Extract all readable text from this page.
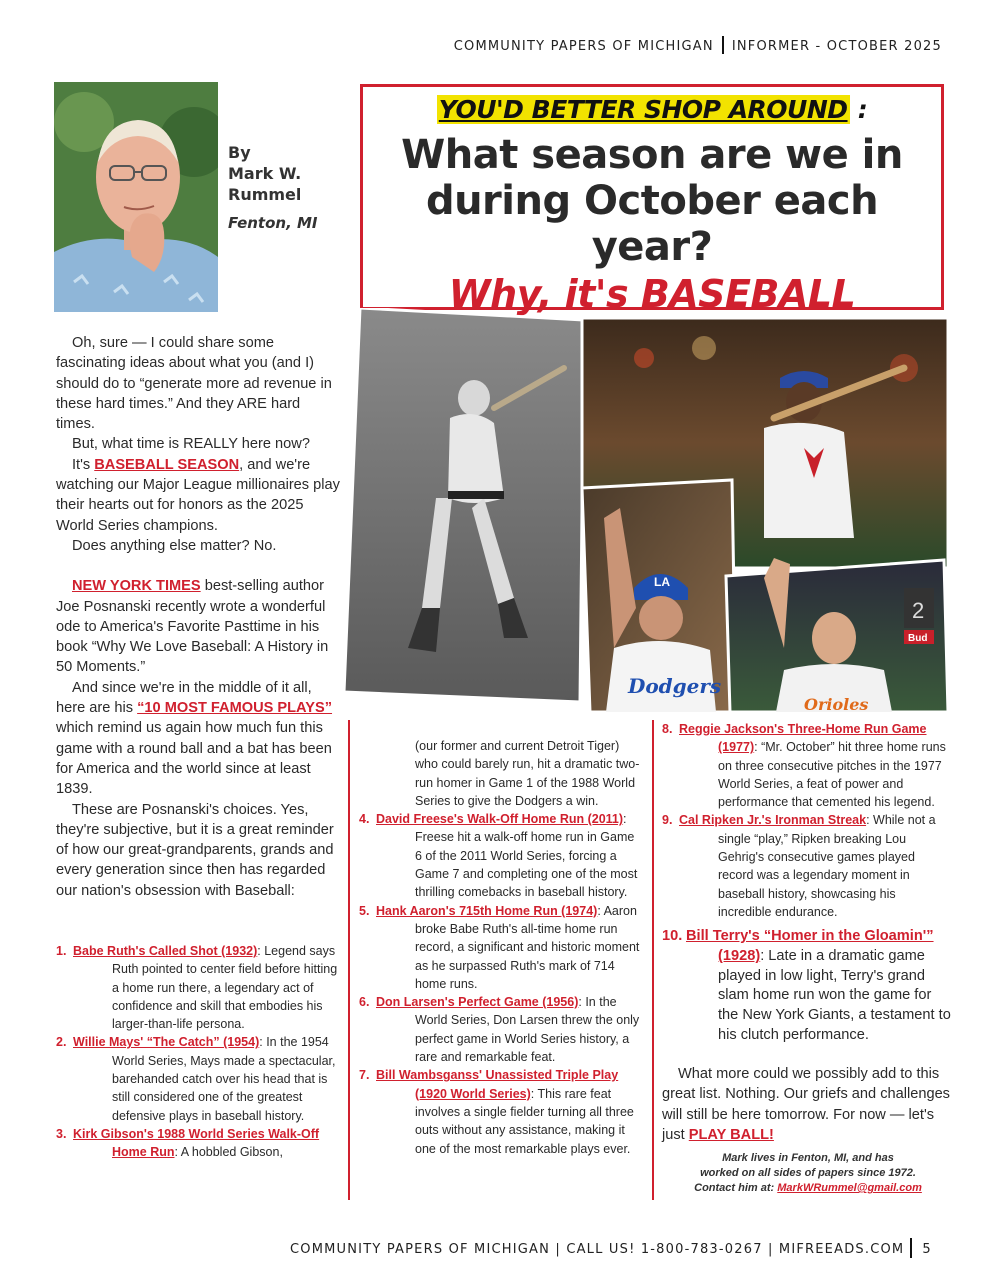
COMMUNITY PAPERS OF MICHIGAN INFORMER - OCTOBER 2025
By
Mark W.
Rummel
Fenton, MI
YOU'D BETTER SHOP AROUND :
What season are we in
during October each year?
Why, it's BASEBALL
LA
Dodgers
2
Bud
Orioles

Oh, sure — I could share some fascinating ideas about what you (and I) should do to “generate more ad revenue in these hard times.” And they ARE hard times.

But, what time is REALLY here now?

It's BASEBALL SEASON, and we're watching our Major League millionaires play their hearts out for honors as the 2025 World Series champions.

Does anything else matter? No.

NEW YORK TIMES best-selling author Joe Posnanski recently wrote a wonderful ode to America's Favorite Pasttime in his book “Why We Love Baseball: A History in 50 Moments.”

And since we're in the middle of it all, here are his “10 MOST FAMOUS PLAYS” which remind us again how much fun this game with a round ball and a bat has been for America and the world since at least 1839.

These are Posnanski's choices. Yes, they're subjective, but it is a great reminder of how our great-grandparents, grands and every generation since then has regarded our nation's obsession with Baseball:

1. Babe Ruth's Called Shot (1932): Legend says Ruth pointed to center field before hitting a home run there, a legendary act of confidence and skill that embodies his larger-than-life persona.
2. Willie Mays' “The Catch” (1954): In the 1954 World Series, Mays made a spectacular, barehanded catch over his head that is still considered one of the greatest defensive plays in baseball history.
3. Kirk Gibson's 1988 World Series Walk-Off Home Run: A hobbled Gibson,
(our former and current Detroit Tiger) who could barely run, hit a dramatic two-run homer in Game 1 of the 1988 World Series to give the Dodgers a win.
4. David Freese's Walk-Off Home Run (2011): Freese hit a walk-off home run in Game 6 of the 2011 World Series, forcing a Game 7 and completing one of the most thrilling comebacks in baseball history.
5. Hank Aaron's 715th Home Run (1974): Aaron broke Babe Ruth's all-time home run record, a significant and historic moment as he surpassed Ruth's mark of 714 home runs.
6. Don Larsen's Perfect Game (1956): In the World Series, Don Larsen threw the only perfect game in World Series history, a rare and remarkable feat.
7. Bill Wambsganss' Unassisted Triple Play (1920 World Series): This rare feat involves a single fielder turning all three outs without any assistance, making it one of the most remarkable plays ever.
8. Reggie Jackson's Three-Home Run Game (1977): “Mr. October” hit three home runs on three consecutive pitches in the 1977 World Series, a feat of power and performance that cemented his legend.
9. Cal Ripken Jr.'s Ironman Streak: While not a single “play,” Ripken breaking Lou Gehrig's consecutive games played record was a legendary moment in baseball history, showcasing his incredible endurance.
10. Bill Terry's “Homer in the Gloamin'” (1928): Late in a dramatic game played in low light, Terry's grand slam home run won the game for the New York Giants, a testament to his clutch performance.

What more could we possibly add to this great list. Nothing. Our griefs and challenges will still be here tomorrow. For now — let's just PLAY BALL!

Mark lives in Fenton, MI, and has
worked on all sides of papers since 1972.
Contact him at: MarkWRummel@gmail.com
COMMUNITY PAPERS OF MICHIGAN | CALL US! 1-800-783-0267 | MIFREEADS.COM 5
